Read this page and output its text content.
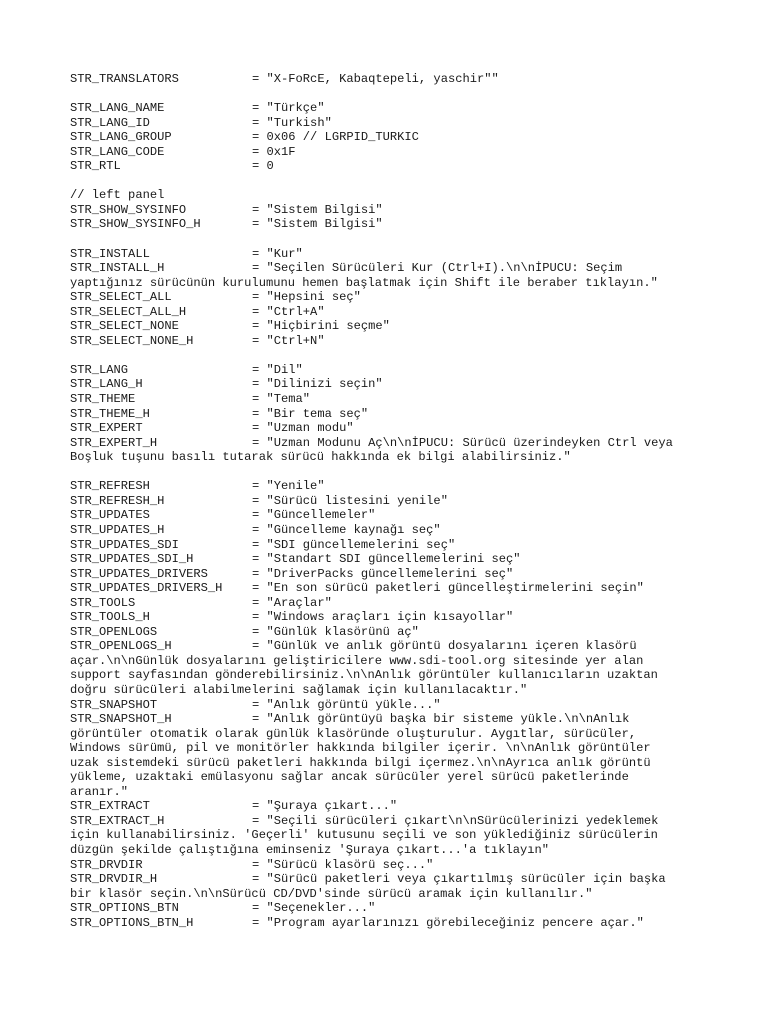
STR_TRANSLATORS	= "X-FoRcE, Kabaqtepeli, yaschir""
STR_LANG_NAME	= "Türkçe"
STR_LANG_ID	= "Turkish"
STR_LANG_GROUP	= 0x06 // LGRPID_TURKIC
STR_LANG_CODE	= 0x1F
STR_RTL	= 0
// left panel
STR_SHOW_SYSINFO	= "Sistem Bilgisi"
STR_SHOW_SYSINFO_H	= "Sistem Bilgisi"
STR_INSTALL	= "Kur"
STR_INSTALL_H	= "Seçilen Sürücüleri Kur (Ctrl+I).\n\nİPUCU: Seçim
yaptığınız sürücünün kurulumunu hemen başlatmak için Shift ile beraber tıklayın."
STR_SELECT_ALL	= "Hepsini seç"
STR_SELECT_ALL_H	= "Ctrl+A"
STR_SELECT_NONE	= "Hiçbirini seçme"
STR_SELECT_NONE_H	= "Ctrl+N"
STR_LANG	= "Dil"
STR_LANG_H	= "Dilinizi seçin"
STR_THEME	= "Tema"
STR_THEME_H	= "Bir tema seç"
STR_EXPERT	= "Uzman modu"
STR_EXPERT_H	= "Uzman Modunu Aç\n\nİPUCU: Sürücü üzerindeyken Ctrl veya
Boşluk tuşunu basılı tutarak sürücü hakkında ek bilgi alabilirsiniz."
STR_REFRESH	= "Yenile"
STR_REFRESH_H	= "Sürücü listesini yenile"
STR_UPDATES	= "Güncellemeler"
STR_UPDATES_H	= "Güncelleme kaynağı seç"
STR_UPDATES_SDI	= "SDI güncellemelerini seç"
STR_UPDATES_SDI_H	= "Standart SDI güncellemelerini seç"
STR_UPDATES_DRIVERS	= "DriverPacks güncellemelerini seç"
STR_UPDATES_DRIVERS_H = "En son sürücü paketleri güncelleştirmelerini seçin"
STR_TOOLS	= "Araçlar"
STR_TOOLS_H	= "Windows araçları için kısayollar"
STR_OPENLOGS	= "Günlük klasörünü aç"
STR_OPENLOGS_H	= "Günlük ve anlık görüntü dosyalarını içeren klasörü
açar.\n\nGünlük dosyalarını geliştiricilere www.sdi-tool.org sitesinde yer alan
support sayfasından gönderebilirsiniz.\n\nAnlık görüntüler kullanıcıların uzaktan
doğru sürücüleri alabilmelerini sağlamak için kullanılacaktır."
STR_SNAPSHOT	= "Anlık görüntü yükle..."
STR_SNAPSHOT_H	= "Anlık görüntüyü başka bir sisteme yükle.\n\nAnlık
görüntüler otomatik olarak günlük klasöründe oluşturulur. Aygıtlar, sürücüler,
Windows sürümü, pil ve monitörler hakkında bilgiler içerir. \n\nAnlık görüntüler
uzak sistemdeki sürücü paketleri hakkında bilgi içermez.\n\nAyrıca anlık görüntü
yükleme, uzaktaki emülasyonu sağlar ancak sürücüler yerel sürücü paketlerinde
aranır."
STR_EXTRACT	= "Şuraya çıkart..."
STR_EXTRACT_H	= "Seçili sürücüleri çıkart\n\nSürücülerinizi yedeklemek
için kullanabilirsiniz. 'Geçerli' kutusunu seçili ve son yüklediğiniz sürücülerin
düzgün şekilde çalıştığına eminseniz 'Şuraya çıkart...'a tıklayın"
STR_DRVDIR	= "Sürücü klasörü seç..."
STR_DRVDIR_H	= "Sürücü paketleri veya çıkartılmış sürücüler için başka
bir klasör seçin.\n\nSürücü CD/DVD'sinde sürücü aramak için kullanılır."
STR_OPTIONS_BTN	= "Seçenekler..."
STR_OPTIONS_BTN_H	= "Program ayarlarınızı görebileceğiniz pencere açar."
